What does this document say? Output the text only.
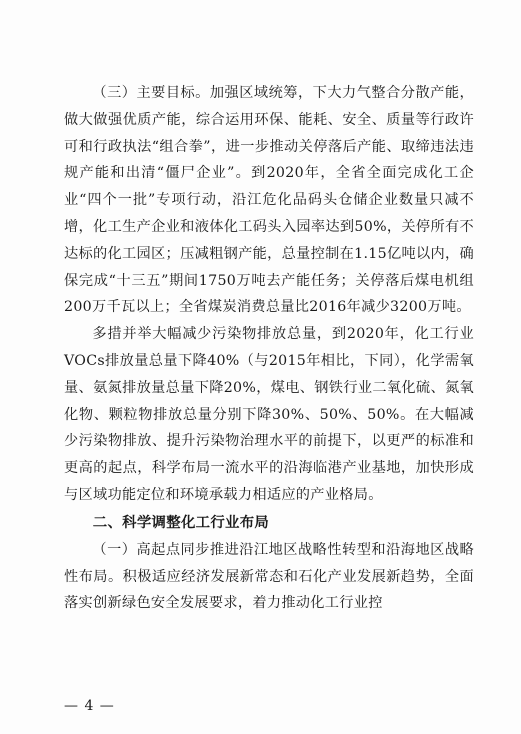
（三）主要目标。加强区域统筹，下大力气整合分散产能，做大做强优质产能，综合运用环保、能耗、安全、质量等行政许可和行政执法“组合拳”，进一步推动关停落后产能、取缔违法违规产能和出清“僵尸企业”。到2020年，全省全面完成化工企业“四个一批”专项行动，沿江危化品码头仓储企业数量只减不增，化工生产企业和液体化工码头入园率达到50%，关停所有不达标的化工园区；压减粗钢产能，总量控制在1.15亿吨以内，确保完成“十三五”期间1750万吨去产能任务；关停落后煤电机组200万千瓦以上；全省煤炭消费总量比2016年减少3200万吨。

多措并举大幅减少污染物排放总量，到2020年，化工行业VOCs排放量总量下降40%（与2015年相比，下同），化学需氧量、氨氮排放量总量下降20%，煤电、钢铁行业二氧化硫、氮氧化物、颗粒物排放总量分别下降30%、50%、50%。在大幅减少污染物排放、提升污染物治理水平的前提下，以更严的标准和更高的起点，科学布局一流水平的沿海临港产业基地，加快形成与区域功能定位和环境承载力相适应的产业格局。

二、科学调整化工行业布局

（一）高起点同步推进沿江地区战略性转型和沿海地区战略性布局。积极适应经济发展新常态和石化产业发展新趋势，全面落实创新绿色安全发展要求，着力推动化工行业控

— 4 —
